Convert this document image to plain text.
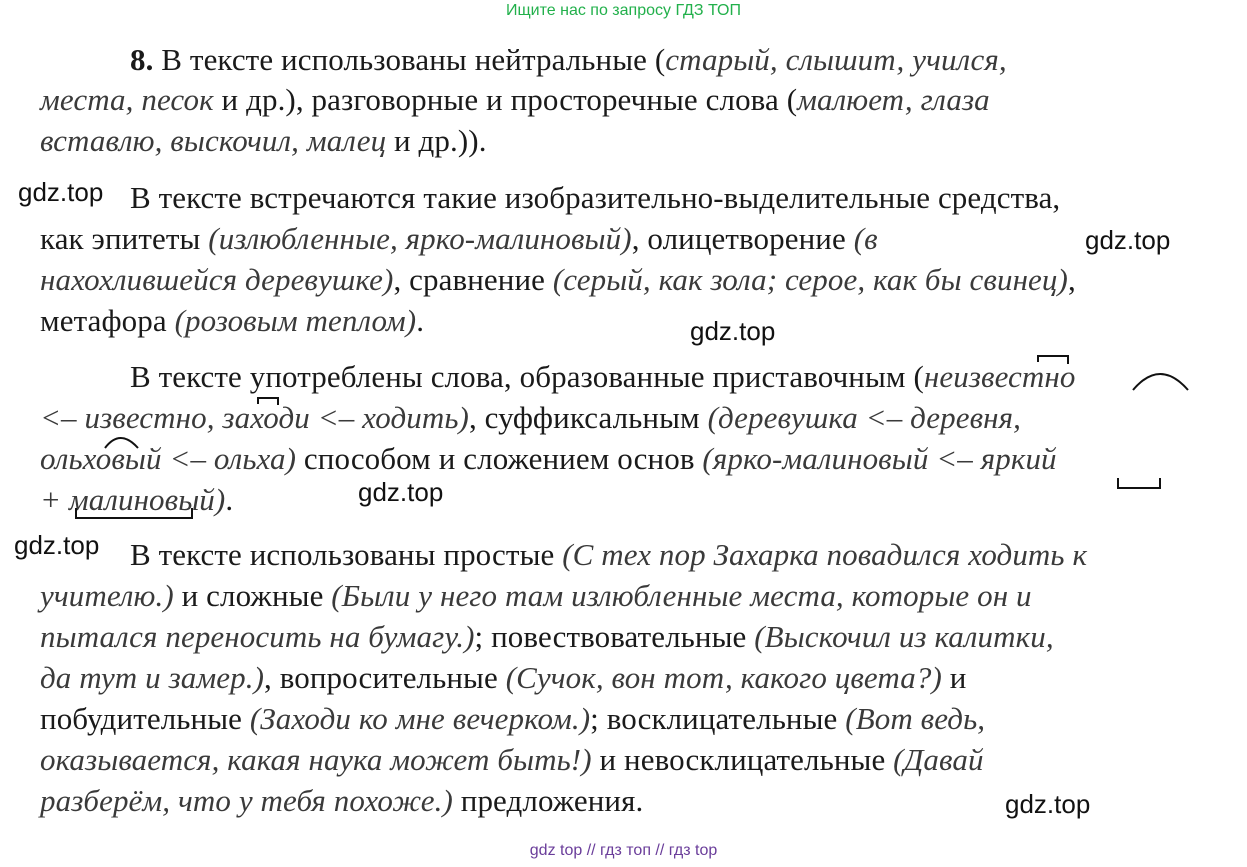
Ищите нас по запросу ГДЗ ТОП
8. В тексте использованы нейтральные (старый, слышит, учился,
места, песок и др.), разговорные и просторечные слова (малюет, глаза
вставлю, выскочил, малец и др.)).
В тексте встречаются такие изобразительно-выделительные средства,
как эпитеты (излюбленные, ярко-малиновый), олицетворение (в
нахохлившейся деревушке), сравнение (серый, как зола; серое, как бы свинец),
метафора (розовым теплом).
В тексте употреблены слова, образованные приставочным (неизвестно
<– известно, заходи <– ходить), суффиксальным (деревушка <– деревня,
ольховый <– ольха) способом и сложением основ (ярко-малиновый <– яркий
+ малиновый).
В тексте использованы простые (С тех пор Захарка повадился ходить к
учителю.) и сложные (Были у него там излюбленные места, которые он и
пытался переносить на бумагу.); повествовательные (Выскочил из калитки,
да тут и замер.), вопросительные (Сучок, вон тот, какого цвета?) и
побудительные (Заходи ко мне вечерком.); восклицательные (Вот ведь,
оказывается, какая наука может быть!) и невосклицательные (Давай
разберём, что у тебя похоже.) предложения.
gdz.top
gdz.top
gdz.top
gdz.top
gdz.top
gdz.top
gdz top // гдз топ // гдз top
